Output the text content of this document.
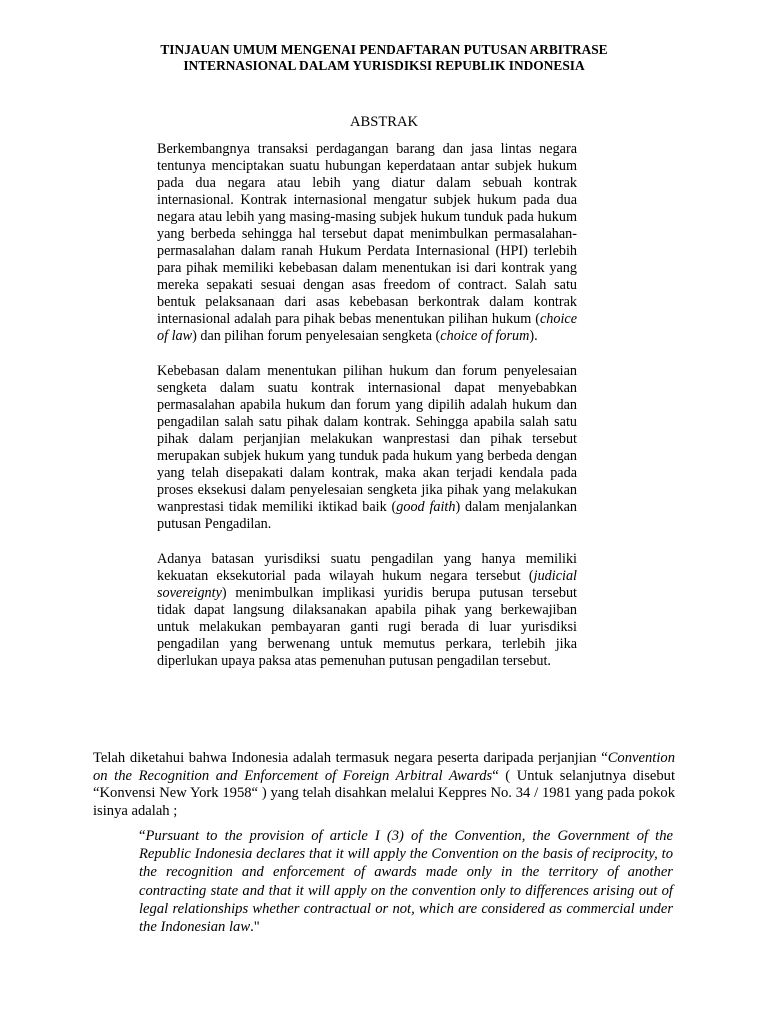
TINJAUAN UMUM MENGENAI PENDAFTARAN PUTUSAN ARBITRASE
INTERNASIONAL DALAM YURISDIKSI REPUBLIK INDONESIA
ABSTRAK

Berkembangnya transaksi perdagangan barang dan jasa lintas negara tentunya menciptakan suatu hubungan keperdataan antar subjek hukum pada dua negara atau lebih yang diatur dalam sebuah kontrak internasional. Kontrak internasional mengatur subjek hukum pada dua negara atau lebih yang masing-masing subjek hukum tunduk pada hukum yang berbeda sehingga hal tersebut dapat menimbulkan permasalahan-permasalahan dalam ranah Hukum Perdata Internasional (HPI) terlebih para pihak memiliki kebebasan dalam menentukan isi dari kontrak yang mereka sepakati sesuai dengan asas freedom of contract. Salah satu bentuk pelaksanaan dari asas kebebasan berkontrak dalam kontrak internasional adalah para pihak bebas menentukan pilihan hukum (choice of law) dan pilihan forum penyelesaian sengketa (choice of forum).

Kebebasan dalam menentukan pilihan hukum dan forum penyelesaian sengketa dalam suatu kontrak internasional dapat menyebabkan permasalahan apabila hukum dan forum yang dipilih adalah hukum dan pengadilan salah satu pihak dalam kontrak. Sehingga apabila salah satu pihak dalam perjanjian melakukan wanprestasi dan pihak tersebut merupakan subjek hukum yang tunduk pada hukum yang berbeda dengan yang telah disepakati dalam kontrak, maka akan terjadi kendala pada proses eksekusi dalam penyelesaian sengketa jika pihak yang melakukan wanprestasi tidak memiliki iktikad baik (good faith) dalam menjalankan putusan Pengadilan.

Adanya batasan yurisdiksi suatu pengadilan yang hanya memiliki kekuatan eksekutorial pada wilayah hukum negara tersebut (judicial sovereignty) menimbulkan implikasi yuridis berupa putusan tersebut tidak dapat langsung dilaksanakan apabila pihak yang berkewajiban untuk melakukan pembayaran ganti rugi berada di luar yurisdiksi pengadilan yang berwenang untuk memutus perkara, terlebih jika diperlukan upaya paksa atas pemenuhan putusan pengadilan tersebut.

Telah diketahui bahwa Indonesia adalah termasuk negara peserta daripada perjanjian “Convention on the Recognition and Enforcement of Foreign Arbitral Awards“ ( Untuk selanjutnya disebut “Konvensi New York 1958“ ) yang telah disahkan melalui Keppres No. 34 / 1981 yang pada pokok isinya adalah ;

“Pursuant to the provision of article I (3) of the Convention, the Government of the Republic Indonesia declares that it will apply the Convention on the basis of reciprocity, to the recognition and enforcement of awards made only in the territory of another contracting state and that it will apply on the convention only to differences arising out of legal relationships whether contractual or not, which are considered as commercial under the Indonesian law."
